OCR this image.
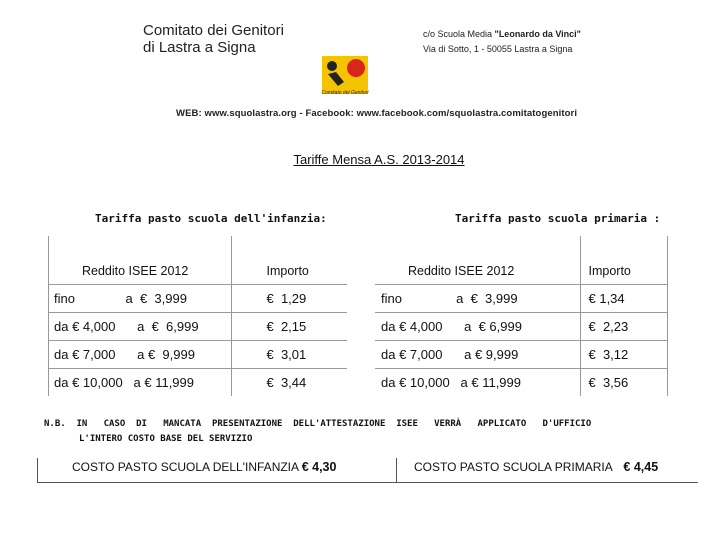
Comitato dei Genitori
di Lastra a Signa
c/o Scuola Media "Leonardo da Vinci"
Via di Sotto, 1 - 50055 Lastra a Signa
Comitato dei Genitori
WEB: www.squolastra.org - Facebook: www.facebook.com/squolastra.comitatogenitori
Tariffe Mensa A.S. 2013-2014
Tariffa pasto scuola dell'infanzia:
Reddito ISEE 2012	Importo
fino              a  €  3,999	€  1,29
da € 4,000      a  €  6,999	€  2,15
da € 7,000      a €  9,999	€  3,01
da € 10,000   a € 11,999	€  3,44
Tariffa pasto scuola primaria :
Reddito ISEE 2012	Importo
fino               a  €  3,999	€ 1,34
da € 4,000      a  € 6,999	€  2,23
da € 7,000      a € 9,999	€  3,12
da € 10,000   a € 11,999	€  3,56
N.B.  IN   CASO  DI   MANCATA  PRESENTAZIONE  DELL'ATTESTAZIONE  ISEE   VERRÀ   APPLICATO   D'UFFICIO
L'INTERO COSTO BASE DEL SERVIZIO
COSTO PASTO SCUOLA DELL'INFANZIA € 4,30	COSTO PASTO SCUOLA PRIMARIA € 4,45
